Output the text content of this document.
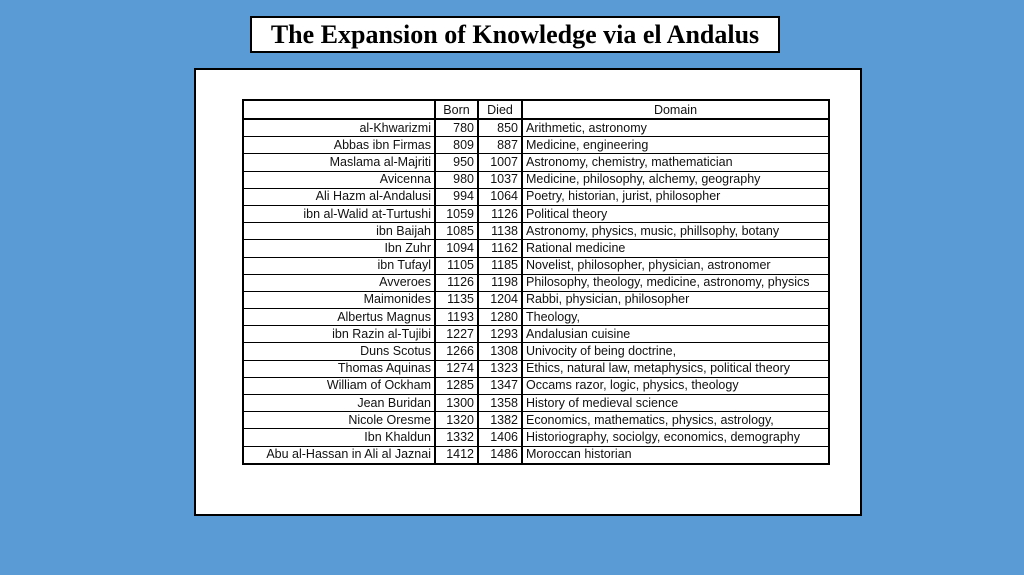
The Expansion of Knowledge via el Andalus
	Born	Died	Domain
al-Khwarizmi	780	850	Arithmetic, astronomy
Abbas ibn Firmas	809	887	Medicine, engineering
Maslama al-Majriti	950	1007	Astronomy, chemistry, mathematician
Avicenna	980	1037	Medicine, philosophy, alchemy, geography
Ali Hazm al-Andalusi	994	1064	Poetry, historian, jurist, philosopher
ibn al-Walid at-Turtushi	1059	1126	Political theory
ibn Baijah	1085	1138	Astronomy, physics, music, phillsophy, botany
Ibn Zuhr	1094	1162	Rational medicine
ibn Tufayl	1105	1185	Novelist, philosopher, physician, astronomer
Avveroes	1126	1198	Philosophy, theology, medicine, astronomy, physics
Maimonides	1135	1204	Rabbi, physician, philosopher
Albertus Magnus	1193	1280	Theology,
ibn Razin al-Tujibi	1227	1293	Andalusian cuisine
Duns Scotus	1266	1308	Univocity of being doctrine,
Thomas Aquinas	1274	1323	Ethics, natural law, metaphysics, political theory
William of Ockham	1285	1347	Occams razor, logic, physics, theology
Jean Buridan	1300	1358	History of medieval science
Nicole Oresme	1320	1382	Economics, mathematics, physics, astrology,
Ibn Khaldun	1332	1406	Historiography, sociolgy, economics, demography
Abu al-Hassan in Ali al Jaznai	1412	1486	Moroccan historian
